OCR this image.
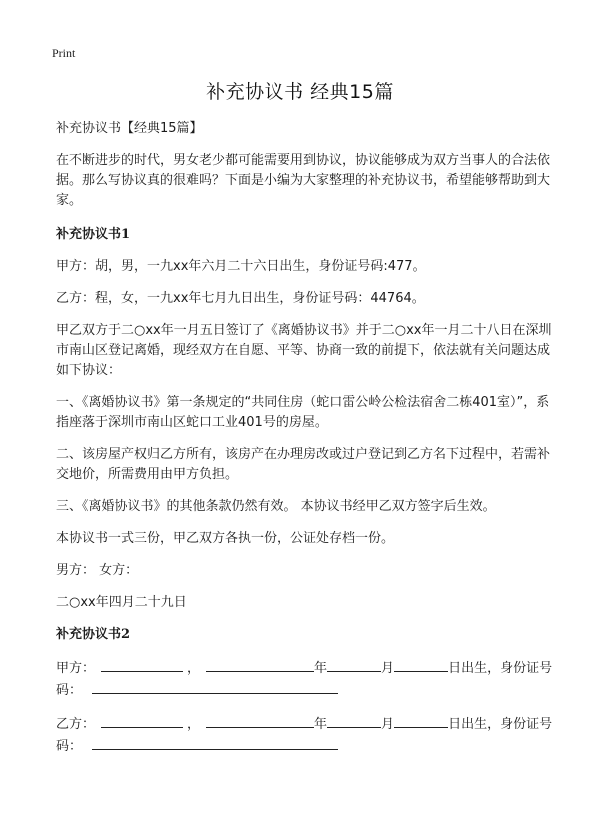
Print
补充协议书 经典15篇

补充协议书【经典15篇】

在不断进步的时代，男女老少都可能需要用到协议，协议能够成为双方当事人的合法依据。那么写协议真的很难吗？下面是小编为大家整理的补充协议书，希望能够帮助到大家。

补充协议书1

甲方：胡，男，一九xx年六月二十六日出生，身份证号码:477。

乙方：程，女，一九xx年七月九日出生，身份证号码：44764。

甲乙双方于二○xx年一月五日签订了《离婚协议书》并于二○xx年一月二十八日在深圳市南山区登记离婚，现经双方在自愿、平等、协商一致的前提下，依法就有关问题达成如下协议：

一、《离婚协议书》第一条规定的“共同住房（蛇口雷公岭公检法宿舍二栋401室）”，系指座落于深圳市南山区蛇口工业401号的房屋。

二、该房屋产权归乙方所有，该房产在办理房改或过户登记到乙方名下过程中，若需补交地价，所需费用由甲方负担。

三、《离婚协议书》的其他条款仍然有效。 本协议书经甲乙双方签字后生效。

本协议书一式三份，甲乙双方各执一份，公证处存档一份。

男方： 女方：

二○xx年四月二十九日

补充协议书2

甲方：	，	年	月	日出生，身份证号
码：

乙方：	，	年	月	日出生，身份证号
码：
